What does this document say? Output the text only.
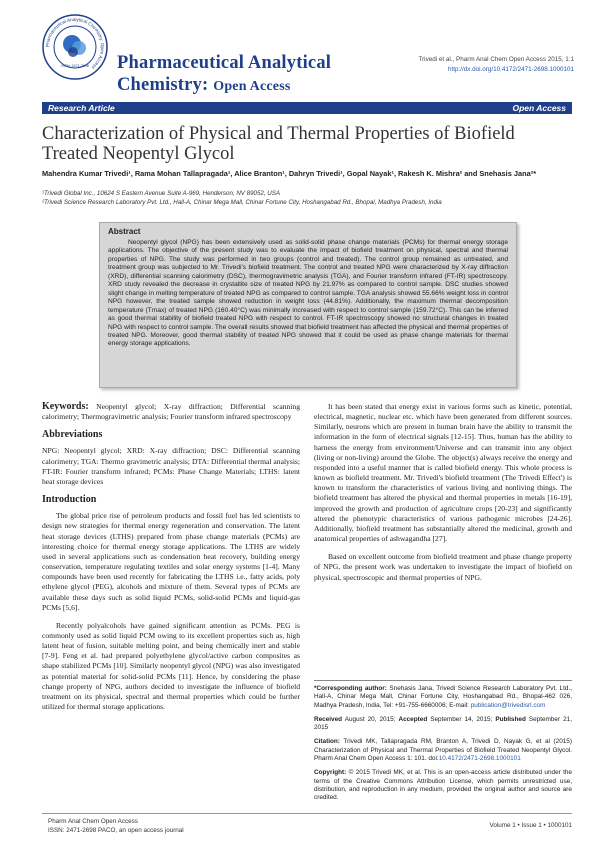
Pharmaceutical Analytical Chemistry: Open Access
ISSN: 2471-2698 Pharmaceutical Analytical
Chemistry: Open Access
Trivedi et al., Pharm Anal Chem Open Access 2015, 1:1
http://dx.doi.org/10.4172/2471-2698.1000101
Research Article	Open Access
Characterization of Physical and Thermal Properties of Biofield Treated Neopentyl Glycol
Mahendra Kumar Trivedi¹, Rama Mohan Tallapragada¹, Alice Branton¹, Dahryn Trivedi¹, Gopal Nayak¹, Rakesh K. Mishra² and Snehasis Jana²*
¹Trivedi Global Inc., 10624 S Eastern Avenue Suite A-969, Henderson, NV 89052, USA
²Trivedi Science Research Laboratory Pvt. Ltd., Hall-A, Chinar Mega Mall, Chinar Fortune City, Hoshangabad Rd., Bhopal, Madhya Pradesh, India
Abstract

Neopentyl glycol (NPG) has been extensively used as solid-solid phase change materials (PCMs) for thermal energy storage applications. The objective of the present study was to evaluate the impact of biofield treatment on physical, spectral and thermal properties of NPG. The study was performed in two groups (control and treated). The control group remained as untreated, and treatment group was subjected to Mr. Trivedi's biofield treatment. The control and treated NPG were characterized by X-ray diffraction (XRD), differential scanning calorimetry (DSC), thermogravimetric analysis (TGA), and Fourier transform infrared (FT-IR) spectroscopy. XRD study revealed the decrease in crystallite size of treated NPG by 21.97% as compared to control sample. DSC studies showed slight change in melting temperature of treated NPG as compared to control sample. TGA analysis showed 55.66% weight loss in control NPG however, the treated sample showed reduction in weight loss (44.81%). Additionally, the maximum thermal decomposition temperature (Tmax) of treated NPG (160.40°C) was minimally increased with respect to control sample (159.72°C). This can be inferred as good thermal stability of biofield treated NPG with respect to control. FT-IR spectroscopy showed no structural changes in treated NPG with respect to control sample. The overall results showed that biofield treatment has affected the physical and thermal properties of treated NPG. Moreover, good thermal stability of treated NPG showed that it could be used as phase change materials for thermal energy storage applications.

Keywords: Neopentyl glycol; X-ray diffraction; Differential scanning calorimetry; Thermogravimetric analysis; Fourier transform infrared spectroscopy

Abbreviations

NPG: Neopentyl glycol; XRD: X-ray diffraction; DSC: Differential scanning calorimetry; TGA: Thermo gravimetric analysis; DTA: Differential thermal analysis; FT-IR: Fourier transform infrared; PCMs: Phase Change Materials; LTHS: latent heat storage devices

Introduction

The global price rise of petroleum products and fossil fuel has led scientists to design new strategies for thermal energy regeneration and conservation. The latent heat storage devices (LTHS) prepared from phase change materials (PCMs) are interesting choice for thermal energy storage applications. The LTHS are widely used in several applications such as condensation heat recovery, building energy conservation, temperature regulating textiles and solar energy systems [1-4]. Many compounds have been used recently for fabricating the LTHS i.e., fatty acids, poly ethylene glycol (PEG), alcohols and mixture of them. Several types of PCMs are available these days such as solid liquid PCMs, solid-solid PCMs and liquid-gas PCMs [5,6].

Recently polyalcohols have gained significant attention as PCMs. PEG is commonly used as solid liquid PCM owing to its excellent properties such as, high latent heat of fusion, suitable melting point, and being chemically inert and stable [7-9]. Feng et al. had prepared polyethylene glycol/active carbon composites as shape stabilized PCMs [10]. Similarly neopentyl glycol (NPG) was also investigated as potential material for solid-solid PCMs [11]. Hence, by considering the phase change property of NPG, authors decided to investigate the influence of biofield treatment on its physical, spectral and thermal properties which could be further utilized for thermal storage applications.

It has been stated that energy exist in various forms such as kinetic, potential, electrical, magnetic, nuclear etc. which have been generated from different sources. Similarly, neurons which are present in human brain have the ability to transmit the information in the form of electrical signals [12-15]. Thus, human has the ability to harness the energy from environment/Universe and can transmit into any object (living or non-living) around the Globe. The object(s) always receive the energy and responded into a useful manner that is called biofield energy. This whole process is known as biofield treatment. Mr. Trivedi's biofield treatment (The Trivedi Effect') is known to transform the characteristics of various living and nonliving things. The biofield treatment has altered the physical and thermal properties in metals [16-19], improved the growth and production of agriculture crops [20-23] and significantly altered the phenotypic characteristics of various pathogenic microbes [24-26]. Additionally, biofield treatment has substantially altered the medicinal, growth and anatomical properties of ashwagandha [27].

Based on excellent outcome from biofield treatment and phase change property of NPG, the present work was undertaken to investigate the impact of biofield on physical, spectroscopic and thermal properties of NPG.

*Corresponding author: Snehasis Jana, Trivedi Science Research Laboratory Pvt. Ltd., Hall-A, Chinar Mega Mall, Chinar Fortune City, Hoshangabad Rd., Bhopal-462 026, Madhya Pradesh, India, Tel: +91-755-6660006; E-mail: publication@trivedisrl.com

Received August 20, 2015; Accepted September 14, 2015; Published September 21, 2015

Citation: Trivedi MK, Tallapragada RM, Branton A, Trivedi D, Nayak G, et al (2015) Characterization of Physical and Thermal Properties of Biofield Treated Neopentyl Glycol. Pharm Anal Chem Open Access 1: 101. doi:10.4172/2471-2698.1000101

Copyright: © 2015 Trivedi MK, et al. This is an open-access article distributed under the terms of the Creative Commons Attribution License, which permits unrestricted use, distribution, and reproduction in any medium, provided the original author and source are credited.

Pharm Anal Chem Open Access
ISSN: 2471-2698 PACO, an open access journal
Volume 1 • Issue 1 • 1000101
